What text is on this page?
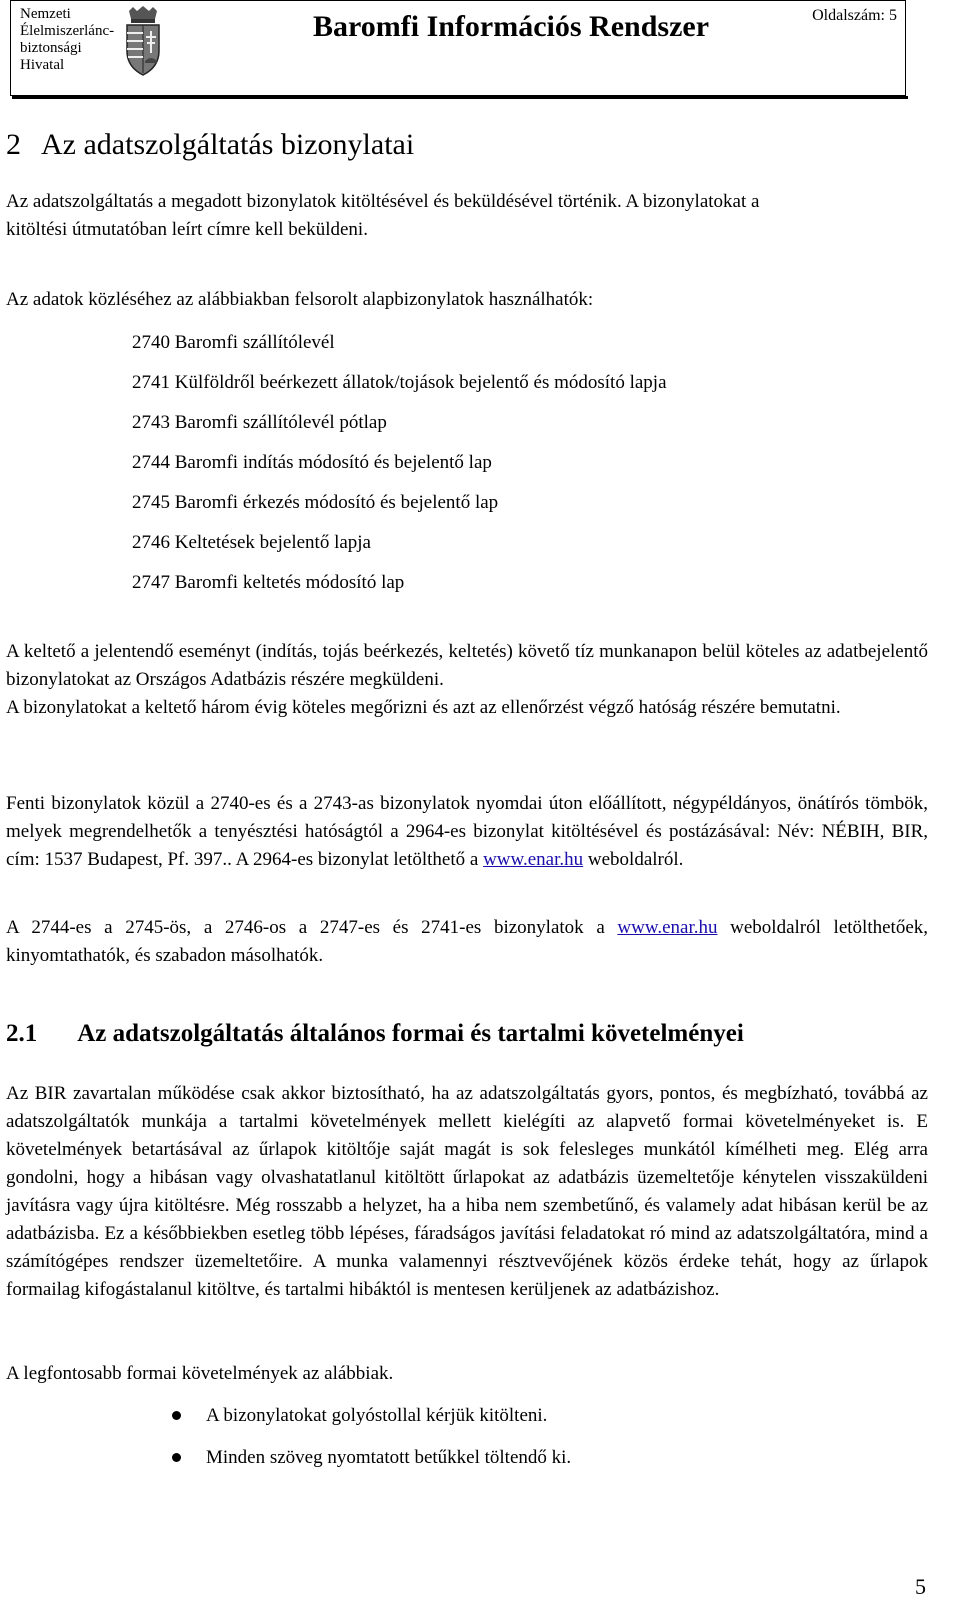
Nemzeti
Élelmiszerlánc-
biztonsági
Hivatal
Baromfi Információs Rendszer	Oldalszám: 5
2 Az adatszolgáltatás bizonylatai

Az adatszolgáltatás a megadott bizonylatok kitöltésével és beküldésével történik. A bizonylatokat a kitöltési útmutatóban leírt címre kell beküldeni.

Az adatok közléséhez az alábbiakban felsorolt alapbizonylatok használhatók:

2740 Baromfi szállítólevél
2741 Külföldről beérkezett állatok/tojások bejelentő és módosító lapja
2743 Baromfi szállítólevél pótlap
2744 Baromfi indítás módosító és bejelentő lap
2745 Baromfi érkezés módosító és bejelentő lap
2746 Keltetések bejelentő lapja
2747 Baromfi keltetés módosító lap

A keltető a jelentendő eseményt (indítás, tojás beérkezés, keltetés) követő tíz munkanapon belül köteles az adatbejelentő bizonylatokat az Országos Adatbázis részére megküldeni.

A bizonylatokat a keltető három évig köteles megőrizni és azt az ellenőrzést végző hatóság részére bemutatni.

Fenti bizonylatok közül a 2740-es és a 2743-as bizonylatok nyomdai úton előállított, négypéldányos, önátírós tömbök, melyek megrendelhetők a tenyésztési hatóságtól a 2964-es bizonylat kitöltésével és postázásával: Név: NÉBIH, BIR, cím: 1537 Budapest, Pf. 397.. A 2964-es bizonylat letölthető a www.enar.hu weboldalról.

A 2744-es a 2745-ös, a 2746-os a 2747-es és 2741-es bizonylatok a www.enar.hu weboldalról letölthetőek, kinyomtathatók, és szabadon másolhatók.

2.1 Az adatszolgáltatás általános formai és tartalmi követelményei

Az BIR zavartalan működése csak akkor biztosítható, ha az adatszolgáltatás gyors, pontos, és megbízható, továbbá az adatszolgáltatók munkája a tartalmi követelmények mellett kielégíti az alapvető formai követelményeket is. E követelmények betartásával az űrlapok kitöltője saját magát is sok felesleges munkától kímélheti meg. Elég arra gondolni, hogy a hibásan vagy olvashatatlanul kitöltött űrlapokat az adatbázis üzemeltetője kénytelen visszaküldeni javításra vagy újra kitöltésre. Még rosszabb a helyzet, ha a hiba nem szembetűnő, és valamely adat hibásan kerül be az adatbázisba. Ez a későbbiekben esetleg több lépéses, fáradságos javítási feladatokat ró mind az adatszolgáltatóra, mind a számítógépes rendszer üzemeltetőire. A munka valamennyi résztvevőjének közös érdeke tehát, hogy az űrlapok formailag kifogástalanul kitöltve, és tartalmi hibáktól is mentesen kerüljenek az adatbázishoz.

A legfontosabb formai követelmények az alábbiak.

A bizonylatokat golyóstollal kérjük kitölteni.
Minden szöveg nyomtatott betűkkel töltendő ki.
5
